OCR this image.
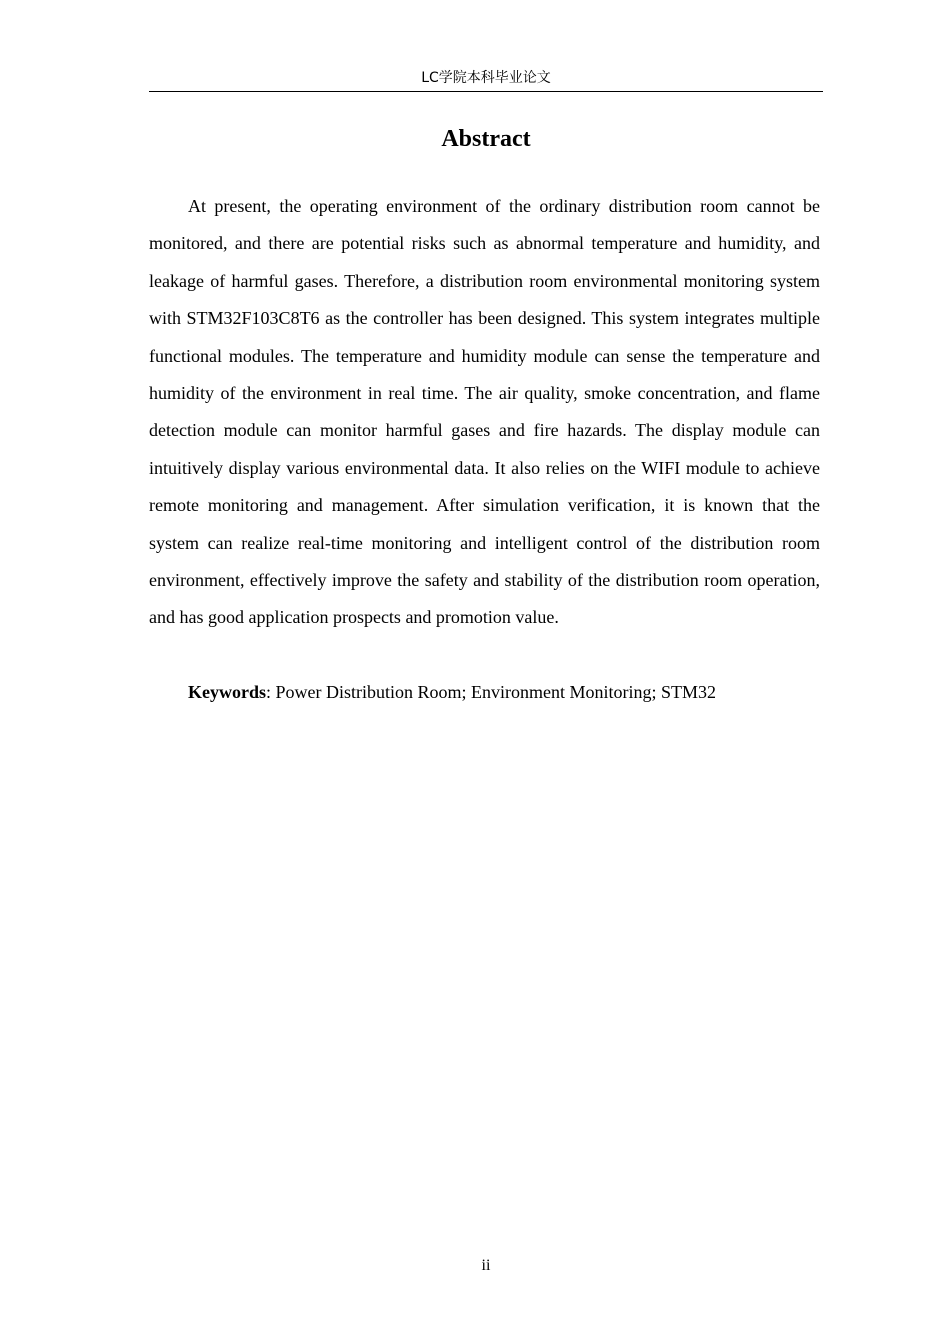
LC学院本科毕业论文
Abstract

At present, the operating environment of the ordinary distribution room cannot be monitored, and there are potential risks such as abnormal temperature and humidity, and leakage of harmful gases. Therefore, a distribution room environmental monitoring system with STM32F103C8T6 as the controller has been designed. This system integrates multiple functional modules. The temperature and humidity module can sense the temperature and humidity of the environment in real time. The air quality, smoke concentration, and flame detection module can monitor harmful gases and fire hazards. The display module can intuitively display various environmental data. It also relies on the WIFI module to achieve remote monitoring and management. After simulation verification, it is known that the system can realize real-time monitoring and intelligent control of the distribution room environment, effectively improve the safety and stability of the distribution room operation, and has good application prospects and promotion value.

Keywords: Power Distribution Room; Environment Monitoring; STM32

ii
